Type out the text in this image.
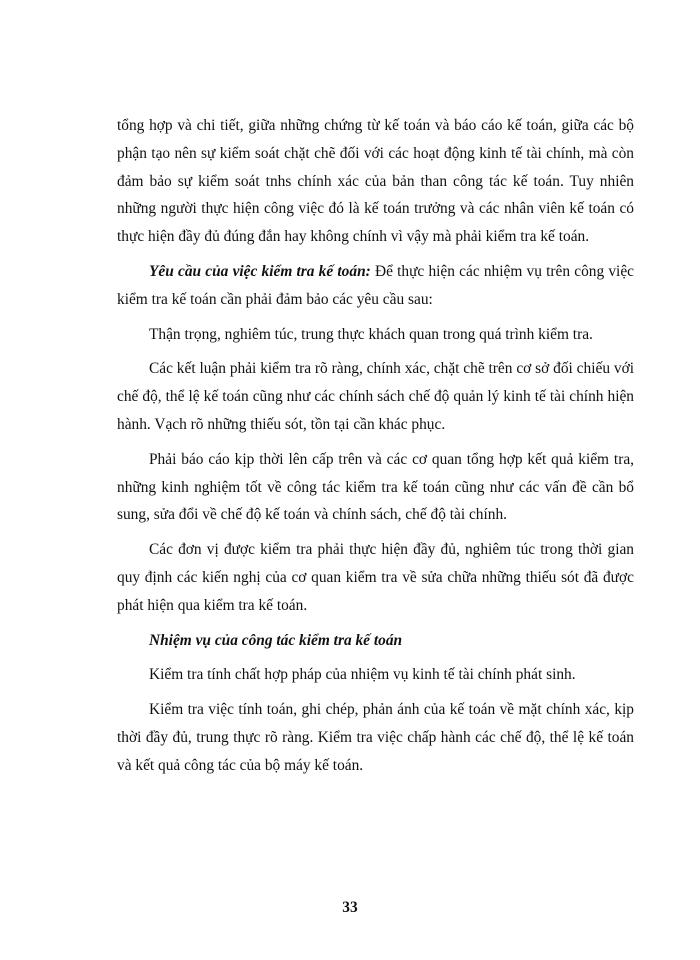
tổng hợp và chi tiết, giữa những chứng từ kế toán và báo cáo kế toán, giữa các bộ phận tạo nên sự kiểm soát chặt chẽ đối với các hoạt động kinh tế tài chính, mà còn đảm bảo sự kiểm soát tnhs chính xác của bản than công tác kế toán. Tuy nhiên những người thực hiện công việc đó là kế toán trưởng và các nhân viên kế toán có thực hiện đầy đủ đúng đắn hay không chính vì vậy mà phải kiểm tra kế toán.

Yêu cầu của việc kiểm tra kế toán: Để thực hiện các nhiệm vụ trên công việc kiểm tra kế toán cần phải đảm bảo các yêu cầu sau:

Thận trọng, nghiêm túc, trung thực khách quan trong quá trình kiểm tra.

Các kết luận phải kiểm tra rõ ràng, chính xác, chặt chẽ trên cơ sở đối chiếu với chế độ, thể lệ kế toán cũng như các chính sách chế độ quản lý kinh tế tài chính hiện hành. Vạch rõ những thiếu sót, tồn tại cần khác phục.

Phải báo cáo kịp thời lên cấp trên và các cơ quan tổng hợp kết quả kiểm tra, những kinh nghiệm tốt về công tác kiểm tra kế toán cũng như các vấn đề cần bổ sung, sửa đổi về chế độ kế toán và chính sách, chế độ tài chính.

Các đơn vị được kiểm tra phải thực hiện đầy đủ, nghiêm túc trong thời gian quy định các kiến nghị của cơ quan kiểm tra về sửa chữa những thiếu sót đã được phát hiện qua kiểm tra kế toán.

Nhiệm vụ của công tác kiểm tra kế toán

Kiểm tra tính chất hợp pháp của nhiệm vụ kinh tế tài chính phát sinh.

Kiểm tra việc tính toán, ghi chép, phản ánh của kế toán về mặt chính xác, kịp thời đầy đủ, trung thực rõ ràng. Kiểm tra việc chấp hành các chế độ, thể lệ kế toán và kết quả công tác của bộ máy kế toán.

33
